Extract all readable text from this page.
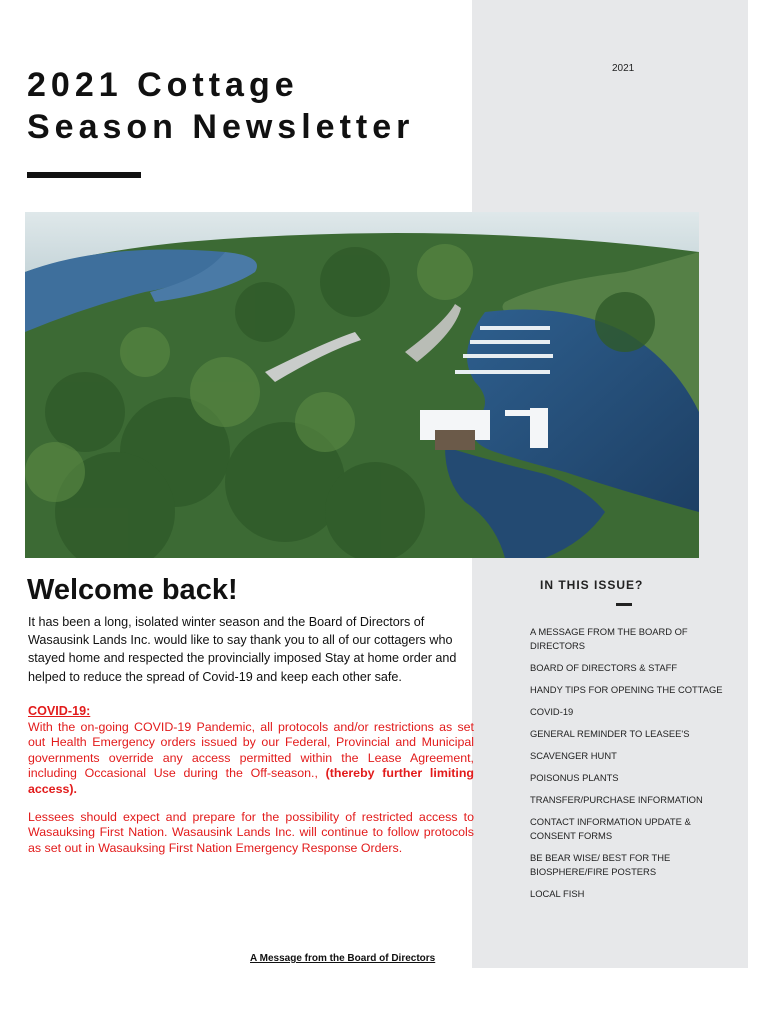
2021
2021 Cottage
Season Newsletter
Welcome back!

It has been a long, isolated winter season and the Board of Directors of Wasausink Lands Inc. would like to say thank you to all of our cottagers who stayed home and respected the provincially imposed Stay at home order and helped to reduce the spread of Covid-19 and keep each other safe.

COVID-19:

With the on-going COVID-19 Pandemic, all protocols and/or restrictions as set out Health Emergency orders issued by our Federal, Provincial and Municipal governments override any access permitted within the Lease Agreement, including Occasional Use during the Off-season., (thereby further limiting access).

Lessees should expect and prepare for the possibility of restricted access to Wasauksing First Nation. Wasausink Lands Inc. will continue to follow protocols as set out in Wasauksing First Nation Emergency Response Orders.

IN THIS ISSUE?
A MESSAGE FROM THE BOARD OF DIRECTORS
BOARD OF DIRECTORS & STAFF
HANDY TIPS FOR OPENING THE COTTAGE
COVID-19
GENERAL REMINDER TO LEASEE'S
SCAVENGER HUNT
POISONUS PLANTS
TRANSFER/PURCHASE INFORMATION
CONTACT INFORMATION UPDATE & CONSENT FORMS
BE BEAR WISE/ BEST FOR THE BIOSPHERE/FIRE POSTERS
LOCAL FISH
A Message from the Board of Directors
